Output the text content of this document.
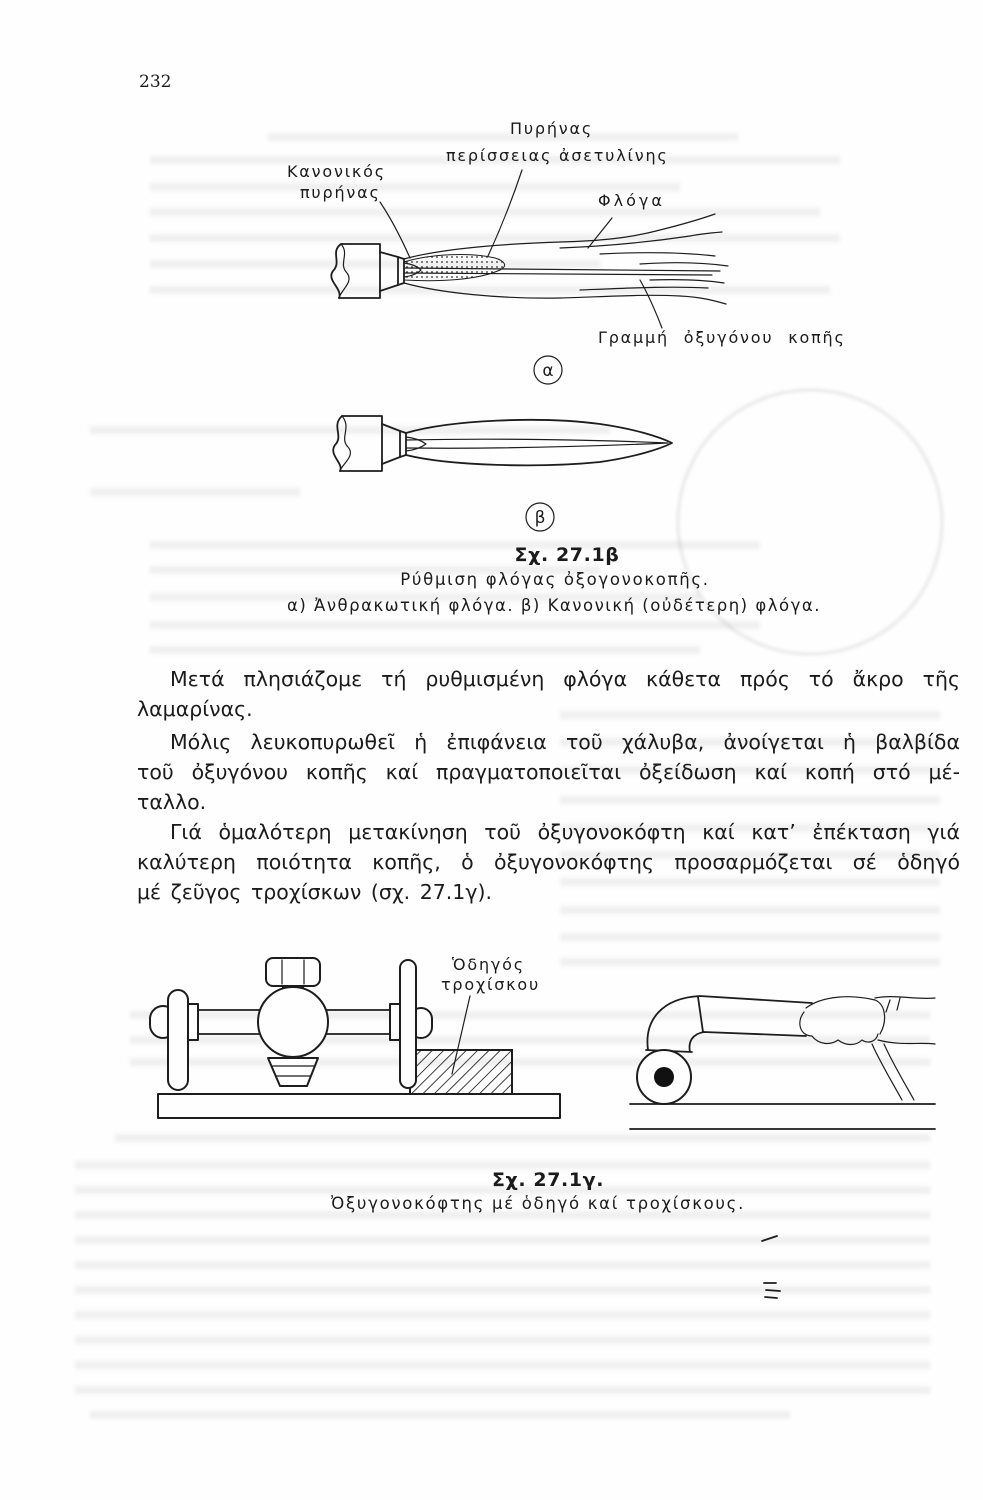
α
β
232
Πυρήνας
περίσσειας ἀσετυλίνης
Κανονικός
πυρήνας	Φλόγα
Γραμμή ὀξυγόνου κοπῆς
Σχ. 27.1β
Ρύθμιση φλόγας ὀξογονοκοπῆς.
α) Ἀνθρακωτική φλόγα. β) Κανονική (οὐδέτερη) φλόγα.
Μετά πλησιάζομε τή ρυθμισμένη φλόγα κάθετα πρός τό ἄκρο τῆς
λαμαρίνας.
Μόλις λευκοπυρωθεῖ ἡ ἐπιφάνεια τοῦ χάλυβα, ἀνοίγεται ἡ βαλβίδα
τοῦ ὀξυγόνου κοπῆς καί πραγματοποιεῖται ὀξείδωση καί κοπή στό μέ-
ταλλο.
Γιά ὁμαλότερη μετακίνηση τοῦ ὀξυγονοκόφτη καί κατ’ ἐπέκταση γιά
καλύτερη ποιότητα κοπῆς, ὁ ὀξυγονοκόφτης προσαρμόζεται σέ ὁδηγό
μέ ζεῦγος τροχίσκων (σχ. 27.1γ).
Ὁδηγός
τροχίσκου
Σχ. 27.1γ.
Ὀξυγονοκόφτης μέ ὁδηγό καί τροχίσκους.
